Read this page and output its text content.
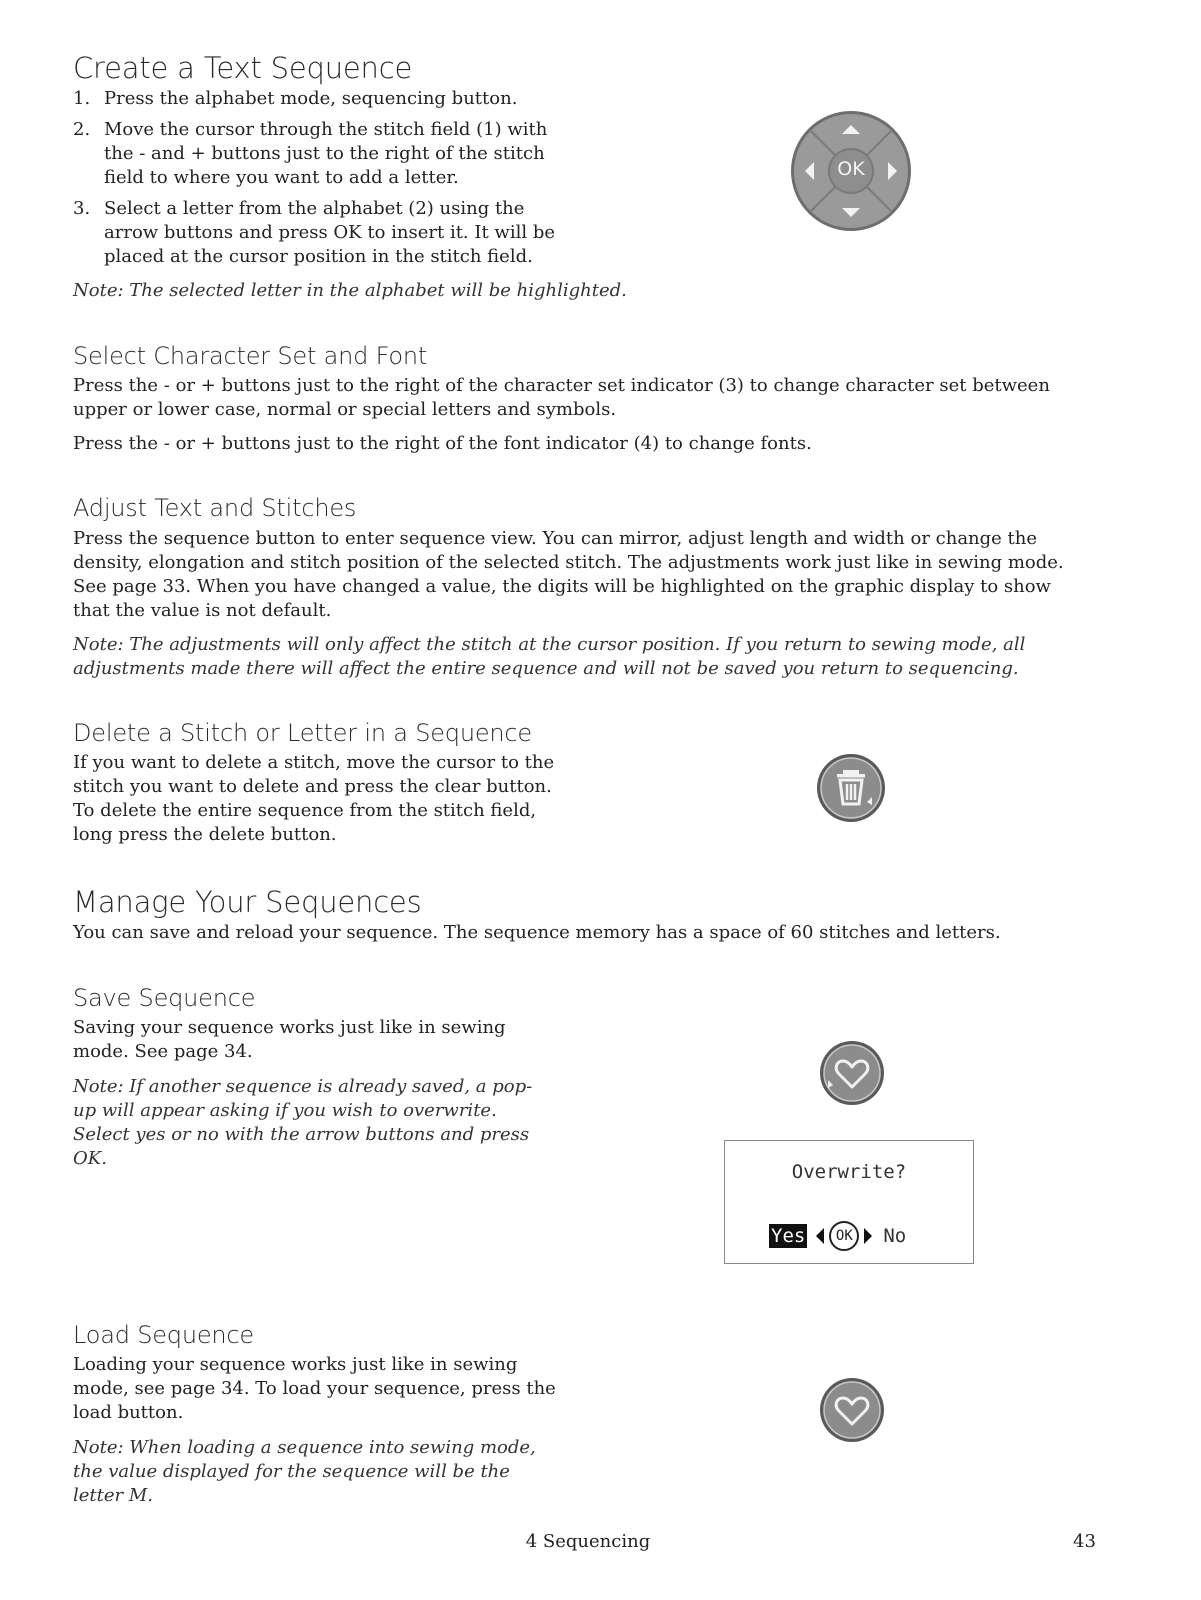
Create a Text Sequence
1. Press the alphabet mode, sequencing button.
2. Move the cursor through the stitch field (1) with the - and + buttons just to the right of the stitch field to where you want to add a letter.
3. Select a letter from the alphabet (2) using the arrow buttons and press OK to insert it. It will be placed at the cursor position in the stitch field.

Note: The selected letter in the alphabet will be highlighted.

OK
Select Character Set and Font

Press the - or + buttons just to the right of the character set indicator (3) to change character set between upper or lower case, normal or special letters and symbols.

Press the - or + buttons just to the right of the font indicator (4) to change fonts.

Adjust Text and Stitches

Press the sequence button to enter sequence view. You can mirror, adjust length and width or change the density, elongation and stitch position of the selected stitch. The adjustments work just like in sewing mode. See page 33. When you have changed a value, the digits will be highlighted on the graphic display to show that the value is not default.

Note: The adjustments will only affect the stitch at the cursor position. If you return to sewing mode, all adjustments made there will affect the entire sequence and will not be saved you return to sequencing.

Delete a Stitch or Letter in a Sequence

If you want to delete a stitch, move the cursor to the stitch you want to delete and press the clear button. To delete the entire sequence from the stitch field, long press the delete button.

Manage Your Sequences

You can save and reload your sequence. The sequence memory has a space of 60 stitches and letters.

Save Sequence

Saving your sequence works just like in sewing mode. See page 34.

Note: If another sequence is already saved, a pop-up will appear asking if you wish to overwrite. Select yes or no with the arrow buttons and press OK.

Overwrite?
Yes	OK	No
Load Sequence

Loading your sequence works just like in sewing mode, see page 34. To load your sequence, press the load button.

Note: When loading a sequence into sewing mode, the value displayed for the sequence will be the letter M.

4 Sequencing	43
